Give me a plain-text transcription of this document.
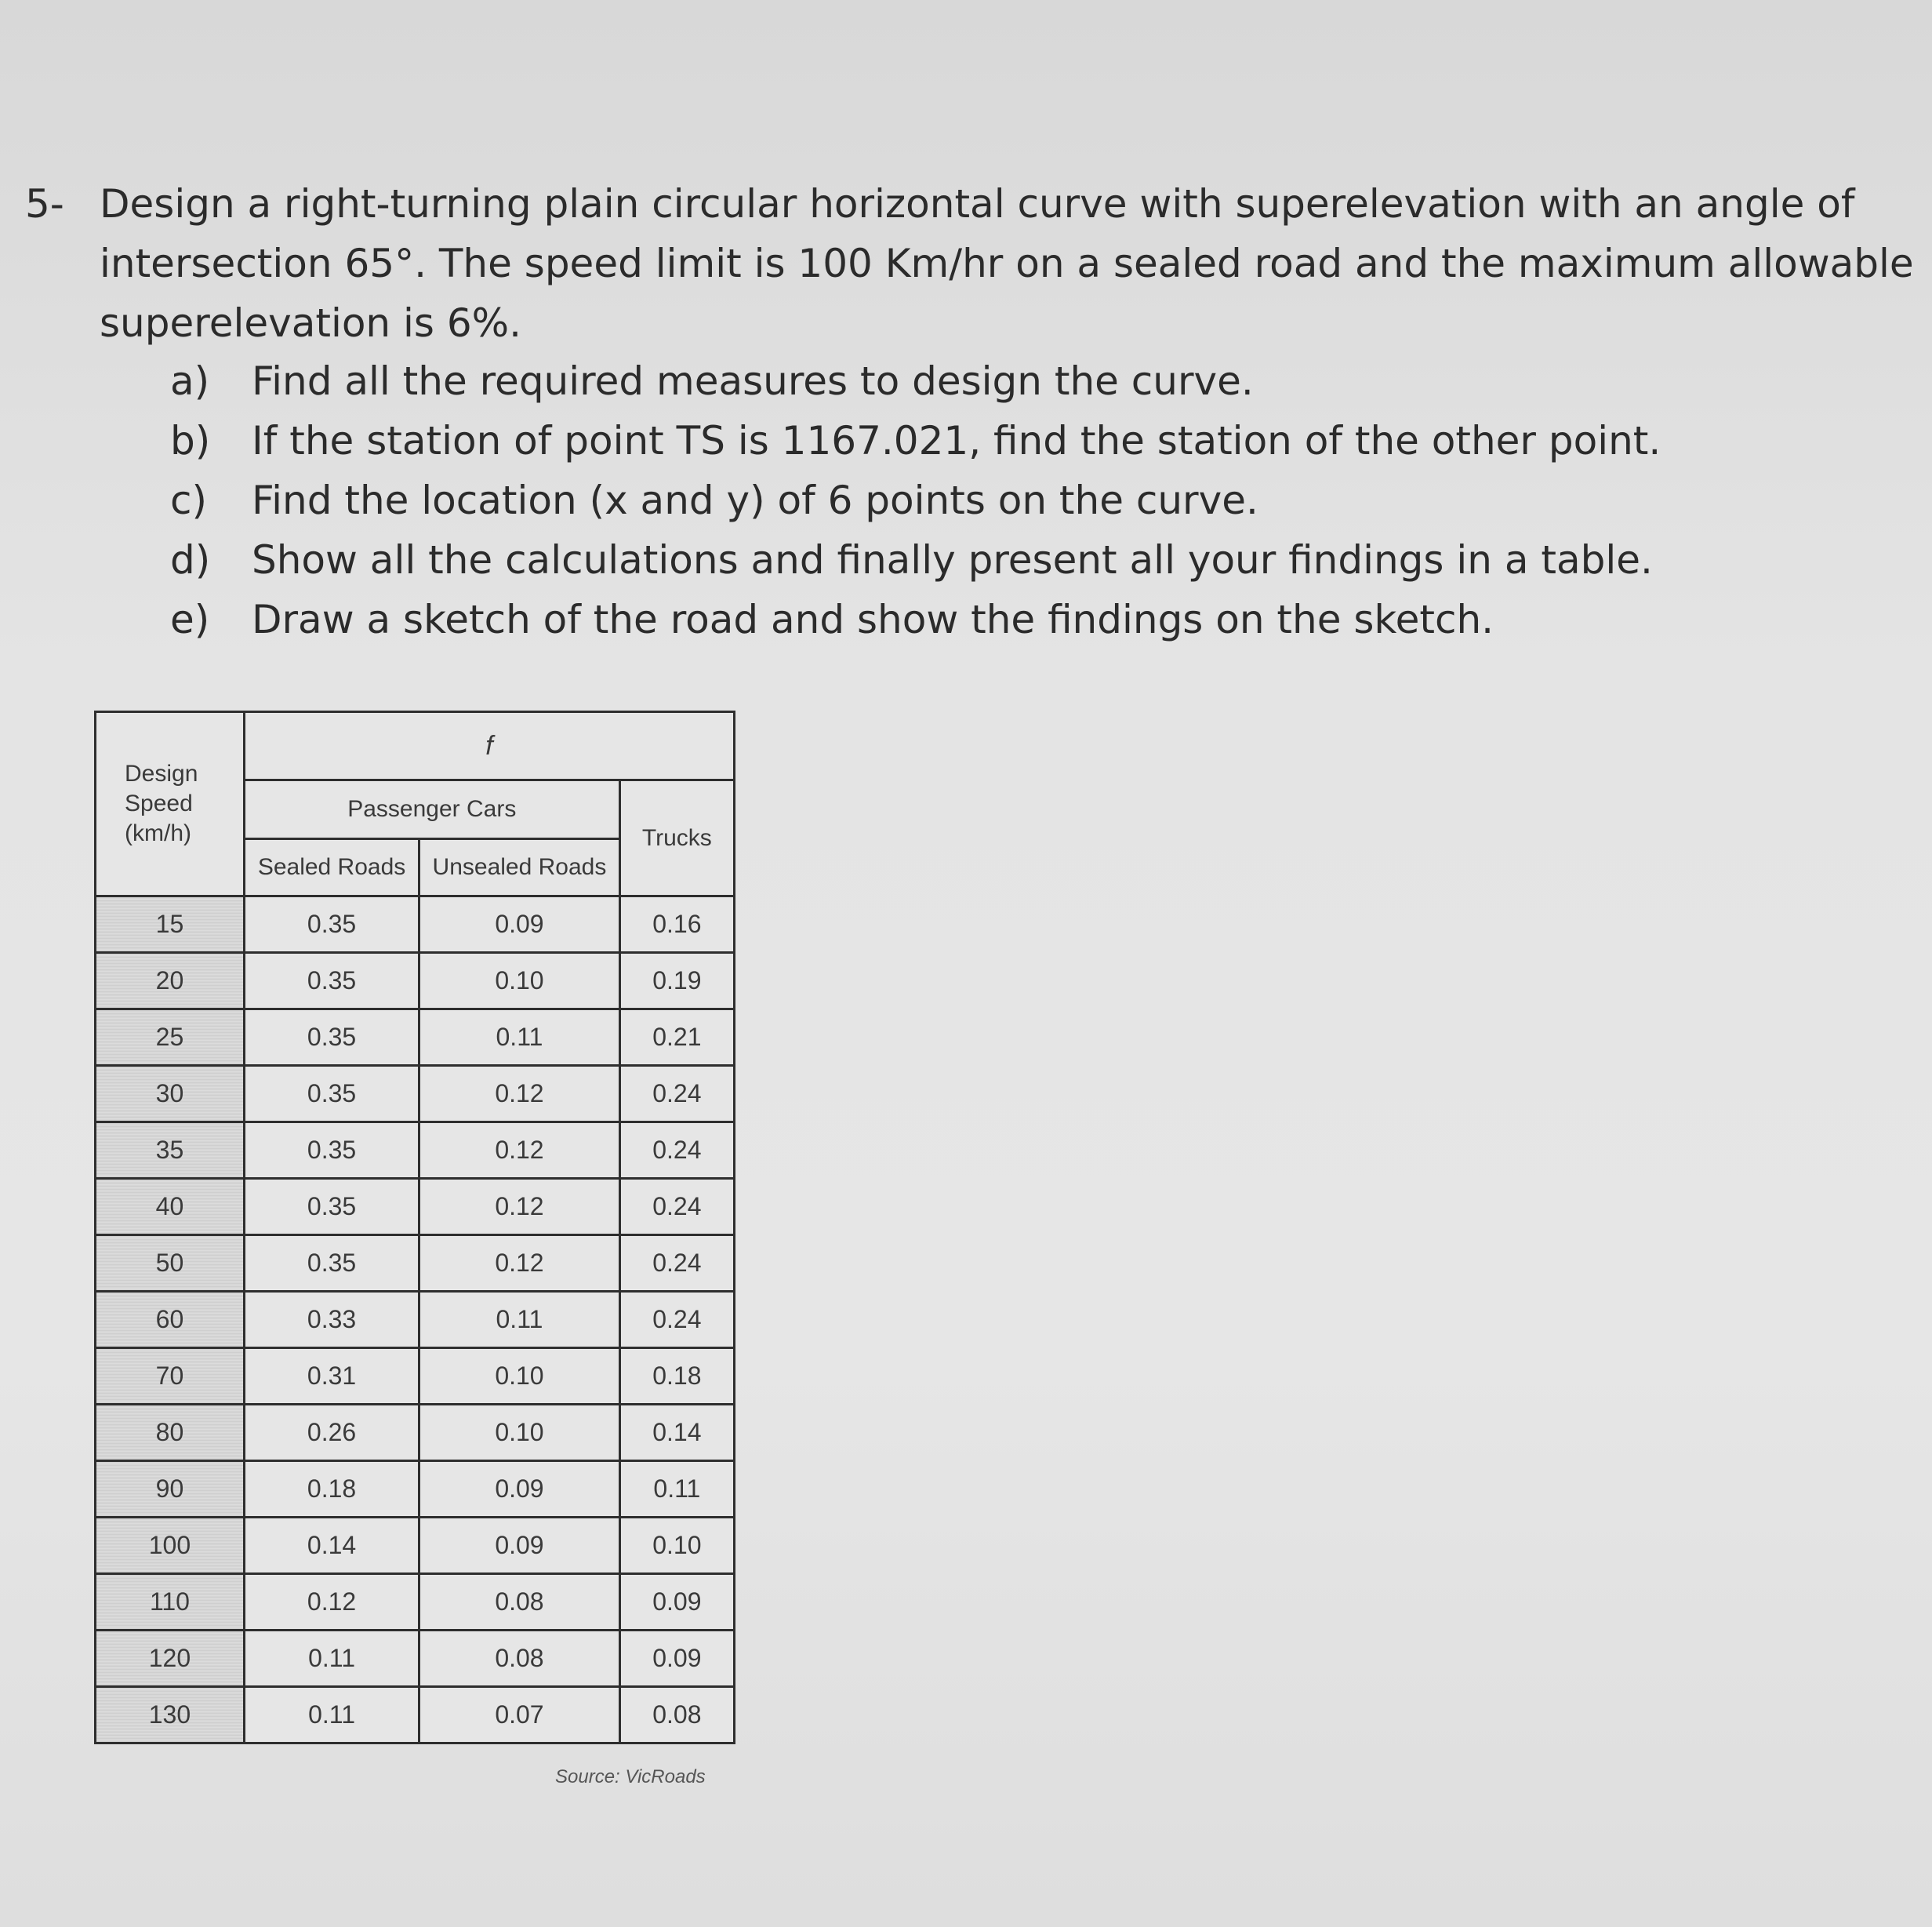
5- Design a right-turning plain circular horizontal curve with superelevation with an angle of intersection 65°. The speed limit is 100 Km/hr on a sealed road and the maximum allowable superelevation is 6%.
a)	Find all the required measures to design the curve.
b)	If the station of point TS is 1167.021, find the station of the other point.
c)	Find the location (x and y) of 6 points on the curve.
d)	Show all the calculations and finally present all your findings in a table.
e)	Draw a sketch of the road and show the findings on the sketch.
Design
Speed
(km/h)	f		
	Passenger Cars		Trucks
	Sealed Roads	Unsealed Roads	
15	0.35	0.09	0.16
20	0.35	0.10	0.19
25	0.35	0.11	0.21
30	0.35	0.12	0.24
35	0.35	0.12	0.24
40	0.35	0.12	0.24
50	0.35	0.12	0.24
60	0.33	0.11	0.24
70	0.31	0.10	0.18
80	0.26	0.10	0.14
90	0.18	0.09	0.11
100	0.14	0.09	0.10
110	0.12	0.08	0.09
120	0.11	0.08	0.09
130	0.11	0.07	0.08
Source: VicRoads
